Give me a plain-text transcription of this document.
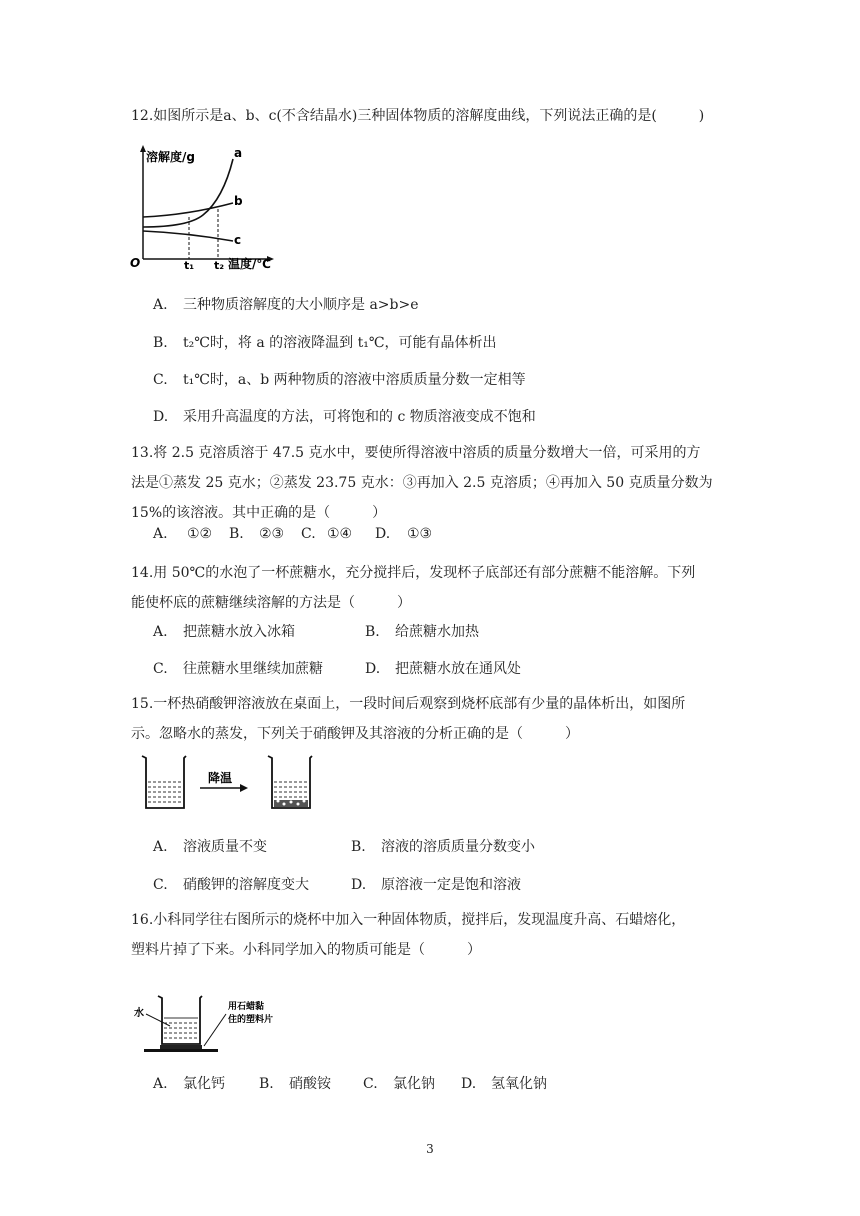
12.如图所示是a、b、c(不含结晶水)三种固体物质的溶解度曲线，下列说法正确的是(　　　)
溶解度/g
O	温度/℃
t₁ t₂
a
b
c
A. 三种物质溶解度的大小顺序是 a>b>e
B. t₂℃时，将 a 的溶液降温到 t₁℃，可能有晶体析出
C. t₁℃时，a、b 两种物质的溶液中溶质质量分数一定相等
D. 采用升高温度的方法，可将饱和的 c 物质溶液变成不饱和
13.将 2.5 克溶质溶于 47.5 克水中，要使所得溶液中溶质的质量分数增大一倍，可采用的方
法是①蒸发 25 克水；②蒸发 23.75 克水：③再加入 2.5 克溶质；④再加入 50 克质量分数为
15%的该溶液。其中正确的是（　　　）
A. ①② B. ②③ C. ①④ D. ①③
14.用 50℃的水泡了一杯蔗糖水，充分搅拌后，发现杯子底部还有部分蔗糖不能溶解。下列
能使杯底的蔗糖继续溶解的方法是（　　　）
A. 把蔗糖水放入冰箱	B. 给蔗糖水加热
C. 往蔗糖水里继续加蔗糖	D. 把蔗糖水放在通风处
15.一杯热硝酸钾溶液放在桌面上，一段时间后观察到烧杯底部有少量的晶体析出，如图所
示。忽略水的蒸发，下列关于硝酸钾及其溶液的分析正确的是（　　　）
降温
A. 溶液质量不变	B. 溶液的溶质质量分数变小
C. 硝酸钾的溶解度变大	D. 原溶液一定是饱和溶液
16.小科同学往右图所示的烧杯中加入一种固体物质，搅拌后，发现温度升高、石蜡熔化，
塑料片掉了下来。小科同学加入的物质可能是（　　　）
水
用石蜡黏
住的塑料片
A. 氯化钙 B. 硝酸铵 C. 氯化钠 D. 氢氧化钠
3
